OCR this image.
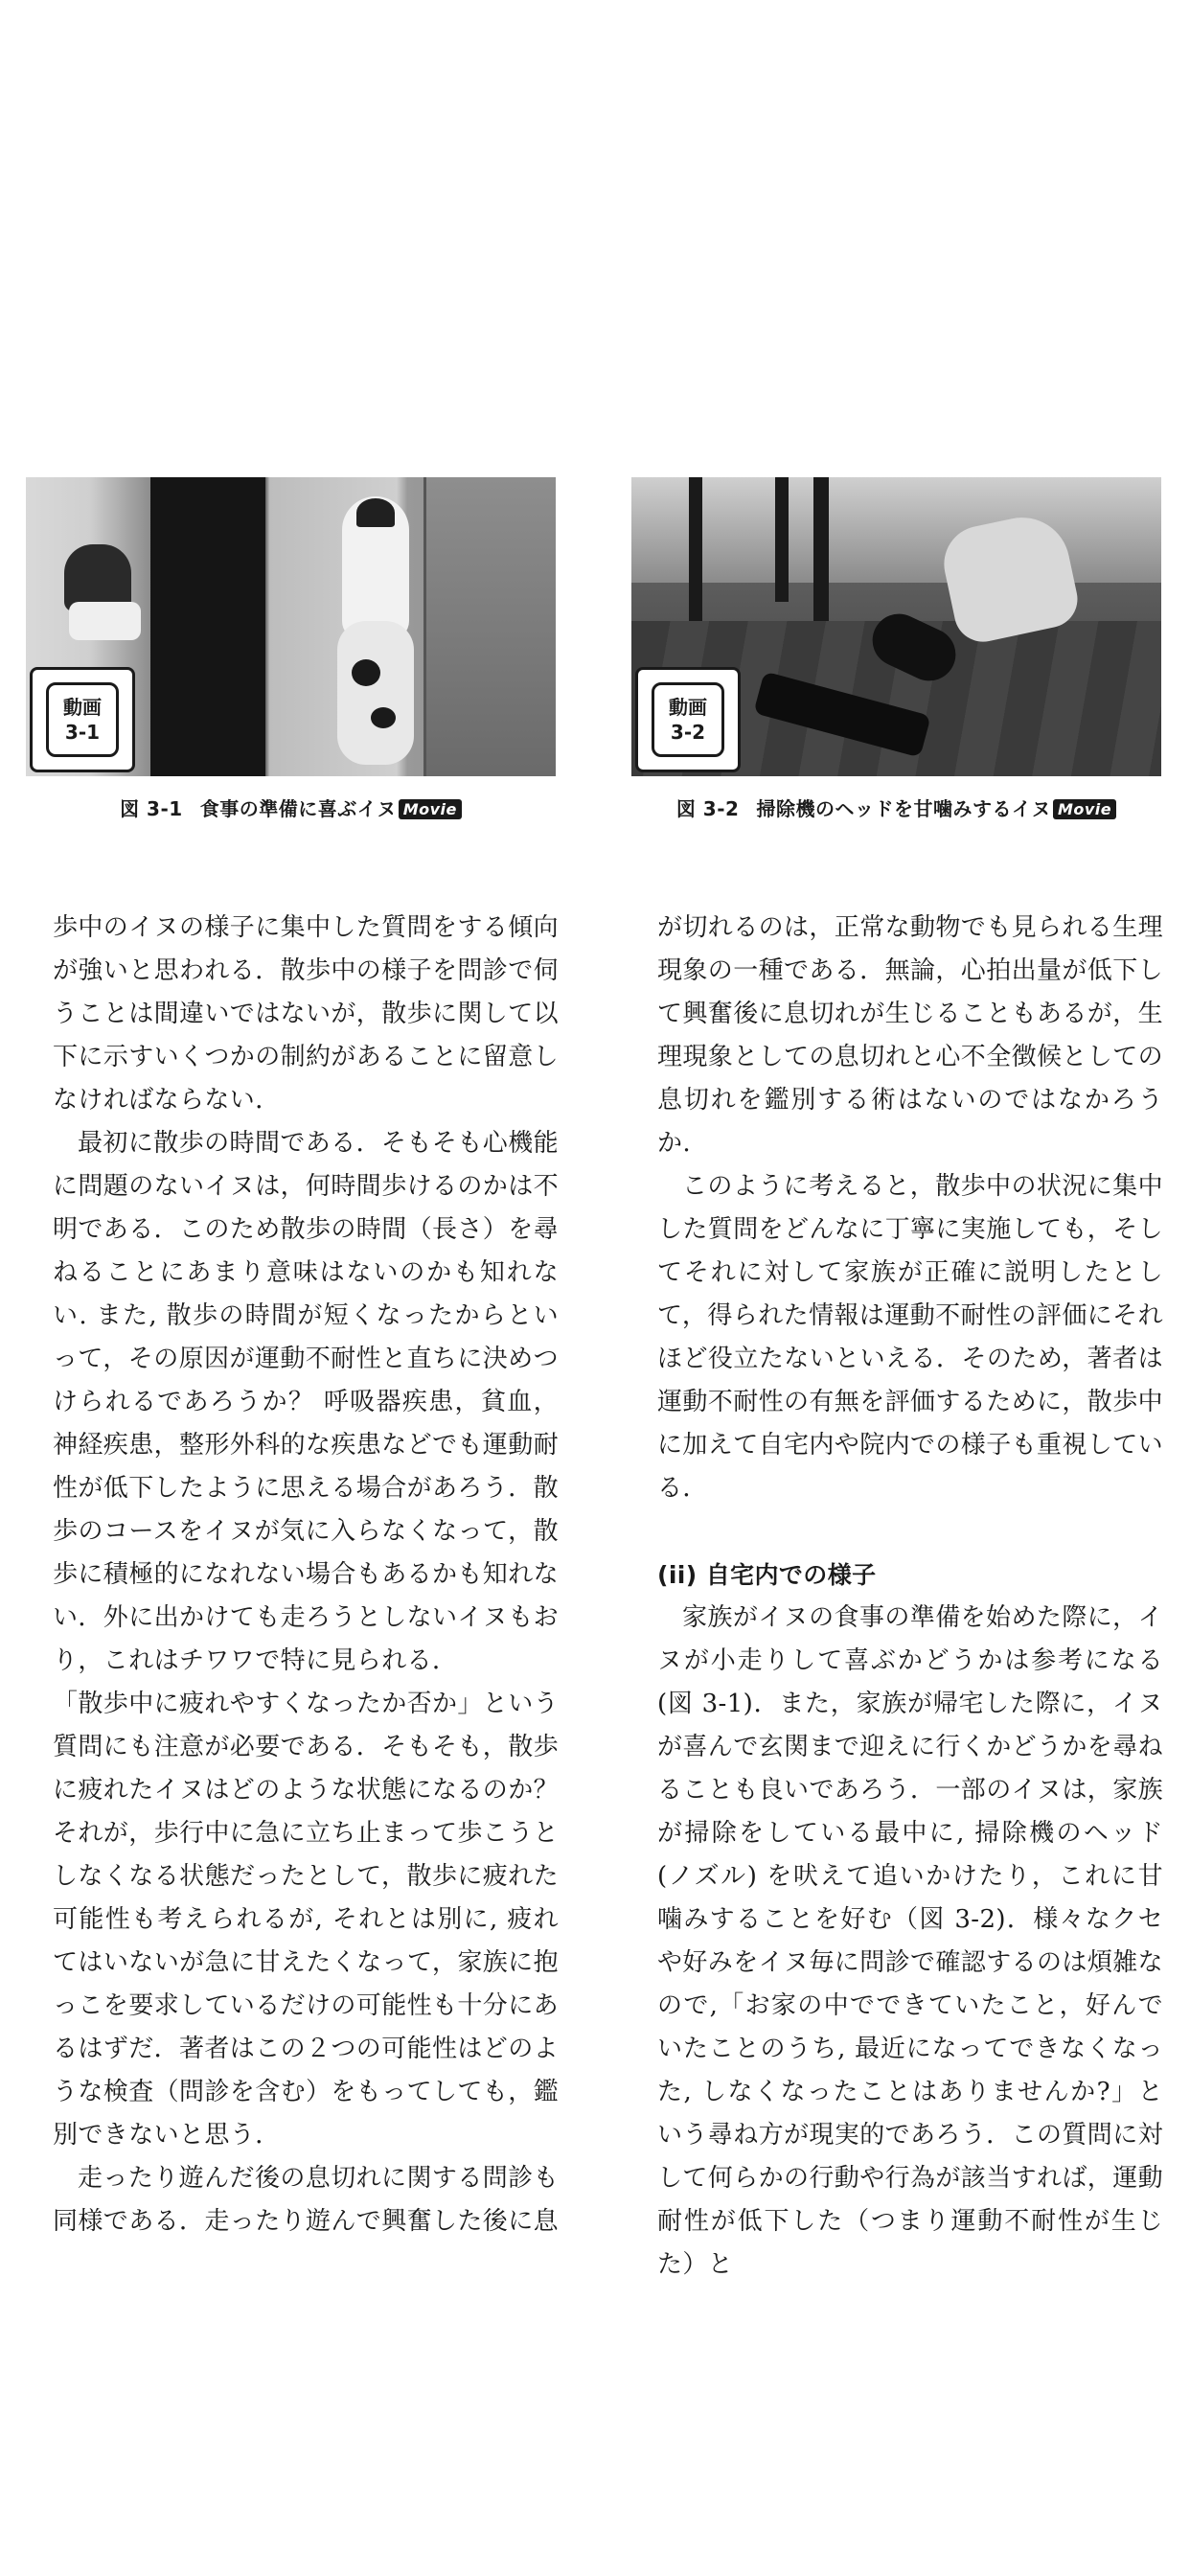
動画
3-1
図 3-1 食事の準備に喜ぶイヌ Movie
動画
3-2
図 3-2 掃除機のヘッドを甘噛みするイヌ Movie

歩中のイヌの様子に集中した質問をする傾向が強いと思われる．散歩中の様子を問診で伺うことは間違いではないが，散歩に関して以下に示すいくつかの制約があることに留意しなければならない．

最初に散歩の時間である．そもそも心機能に問題のないイヌは，何時間歩けるのかは不明である．このため散歩の時間（長さ）を尋ねることにあまり意味はないのかも知れない. また, 散歩の時間が短くなったからといって，その原因が運動不耐性と直ちに決めつけられるであろうか？ 呼吸器疾患，貧血，神経疾患，整形外科的な疾患などでも運動耐性が低下したように思える場合があろう．散歩のコースをイヌが気に入らなくなって，散歩に積極的になれない場合もあるかも知れない．外に出かけても走ろうとしないイヌもおり，これはチワワで特に見られる．

「散歩中に疲れやすくなったか否か」という質問にも注意が必要である．そもそも，散歩に疲れたイヌはどのような状態になるのか？ それが，歩行中に急に立ち止まって歩こうとしなくなる状態だったとして，散歩に疲れた可能性も考えられるが, それとは別に, 疲れてはいないが急に甘えたくなって，家族に抱っこを要求しているだけの可能性も十分にあるはずだ．著者はこの２つの可能性はどのような検査（問診を含む）をもってしても，鑑別できないと思う．

走ったり遊んだ後の息切れに関する問診も同様である．走ったり遊んで興奮した後に息

が切れるのは，正常な動物でも見られる生理現象の一種である．無論，心拍出量が低下して興奮後に息切れが生じることもあるが，生理現象としての息切れと心不全徴候としての息切れを鑑別する術はないのではなかろうか.

このように考えると，散歩中の状況に集中した質問をどんなに丁寧に実施しても，そしてそれに対して家族が正確に説明したとして，得られた情報は運動不耐性の評価にそれほど役立たないといえる．そのため，著者は運動不耐性の有無を評価するために，散歩中に加えて自宅内や院内での様子も重視している．

(ii) 自宅内での様子

家族がイヌの食事の準備を始めた際に，イヌが小走りして喜ぶかどうかは参考になる (図 3-1)．また，家族が帰宅した際に，イヌが喜んで玄関まで迎えに行くかどうかを尋ねることも良いであろう．一部のイヌは，家族が掃除をしている最中に, 掃除機のヘッド (ノズル) を吠えて追いかけたり，これに甘噛みすることを好む（図 3-2)．様々なクセや好みをイヌ毎に問診で確認するのは煩雑なので,「お家の中でできていたこと，好んでいたことのうち, 最近になってできなくなった, しなくなったことはありませんか?」という尋ね方が現実的であろう．この質問に対して何らかの行動や行為が該当すれば，運動耐性が低下した（つまり運動不耐性が生じた）と
